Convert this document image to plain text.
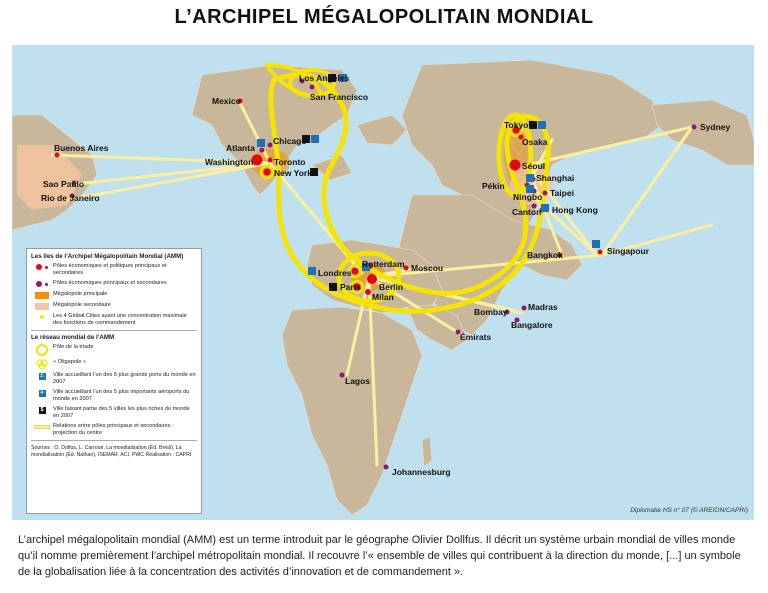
L’ARCHIPEL MÉGALOPOLITAIN MONDIAL
Los Angeles
San Francisco
Mexico
Chicago
Atlanta
Washington Toronto
New York
Buenos Aires
Sao Paulo
Rio de Janeiro
Tokyo
Osaka
Séoul
Shanghai
Pékin
Ningbo Taipei
Canton Hong Kong
Sydney
Bangkok	Singapour
Londres
Rotterdam Moscou
Paris Berlin
Milan
Bombay Madras
Bangalore
Émirats
Lagos
Johannesburg
Les îles de l’Archipel Mégalopolitain Mondial (AMM)
Pôles économiques et politiques principaux et secondaires
Pôles économiques principaux et secondaires
Mégalopole principale
Mégalopole secondaire
Les 4 Global Cities ayant une concentration maximale des fonctions de commandement
Le réseau mondial de l’AMM
Pôle de la triade
« Oligapole »
⚓ Ville accueillant l’un des 5 plus grands ports du monde en 2007
✈ Ville accueillant l’un des 5 plus importants aéroports du monde en 2007
$	Ville faisant partie des 5 villes les plus riches du monde en 2007
Relations entre pôles principaux et secondaires : projection du centre
Sources : O. Dolfus, L. Carroué, La mondialisation (Éd. Bréal), La mondialisation (Éd. Nathan), ISEMAR, ACI, PWC Réalisation : CAPRI
Diplomatie HS n° 07 (© AREION/CAPRI)
L’archipel mégalopolitain mondial (AMM) est un terme introduit par le géographe Olivier Dollfus. Il décrit un système urbain mondial de villes monde qu’il nomme premièrement l’archipel métropolitain mondial. Il recouvre l’« ensemble de villes qui contribuent à la direction du monde, [...] un symbole de la globalisation liée à la concentration des activités d’innovation et de commandement ».
